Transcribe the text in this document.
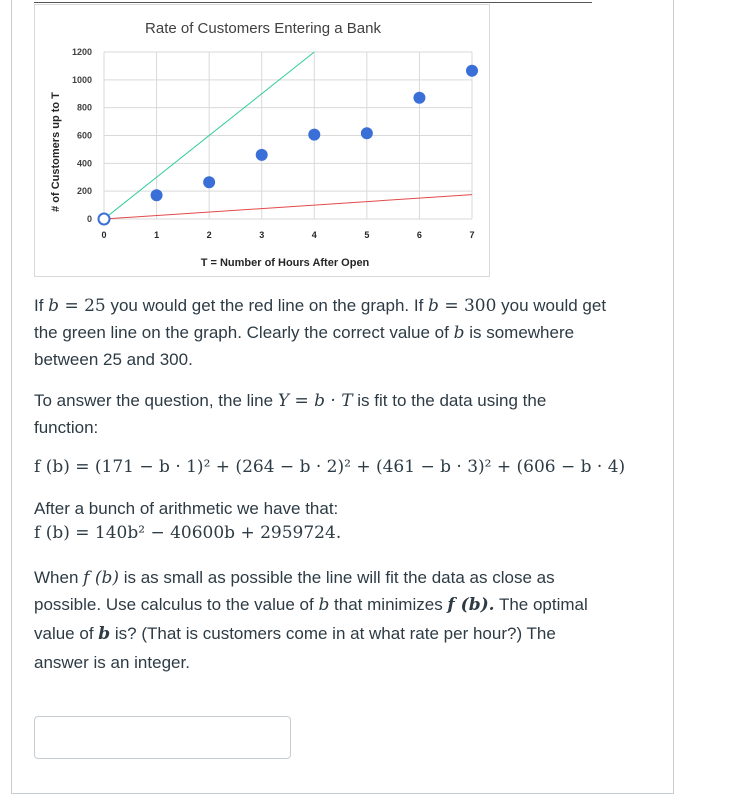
Rate of Customers Entering a Bank
0
200
400
600
800
1000
1200
0	1	2	3	4	5	6	7
T = Number of Hours After Open
# of Customers up to T
If b = 25 you would get the red line on the graph. If b = 300 you would get
the green line on the graph. Clearly the correct value of b is somewhere
between 25 and 300.
To answer the question, the line Y = b · T is fit to the data using the
function:
f (b) = (171 − b · 1)² + (264 − b · 2)² + (461 − b · 3)² + (606 − b · 4)
After a bunch of arithmetic we have that:
f (b) = 140b² − 40600b + 2959724.
When f (b) is as small as possible the line will fit the data as close as
possible. Use calculus to the value of b that minimizes f (b). The optimal
value of b is? (That is customers come in at what rate per hour?) The
answer is an integer.
